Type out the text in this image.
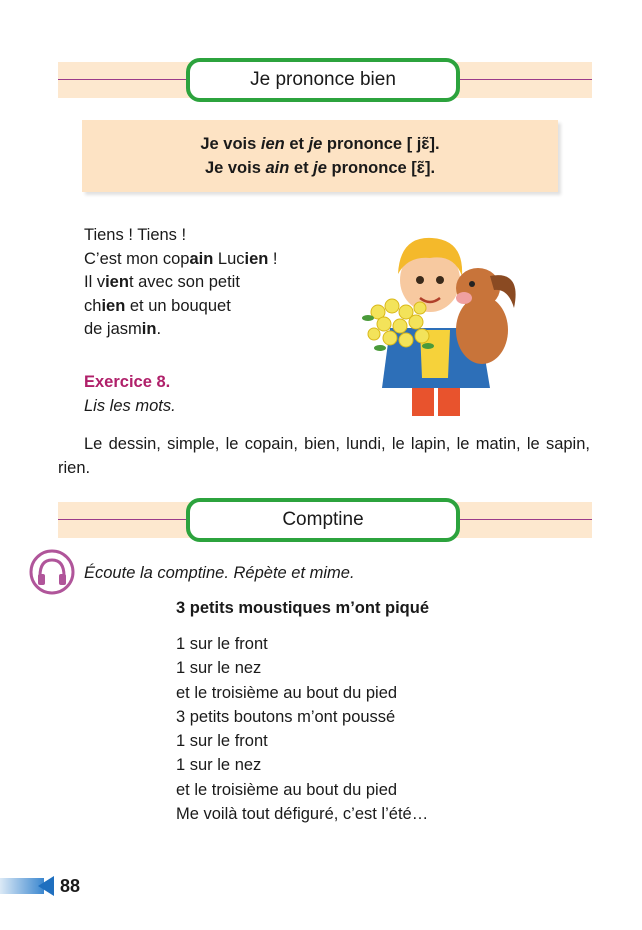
Je prononce bien
Je vois ien et je prononce [ jɛ̃].
Je vois ain et je prononce [ɛ̃].
Tiens ! Tiens !
C’est mon copain Lucien !
Il vient avec son petit
chien et un bouquet
de jasmin.
Exercice 8.
Lis les mots.
Le dessin, simple, le copain, bien, lundi, le lapin, le matin, le sapin, rien.
Comptine
Écoute la comptine. Répète et mime.
3 petits moustiques m’ont piqué
1 sur le front
1 sur le nez
et le troisième au bout du pied
3 petits boutons m’ont poussé
1 sur le front
1 sur le nez
et le troisième au bout du pied
Me voilà tout défiguré, c’est l’été…
88
